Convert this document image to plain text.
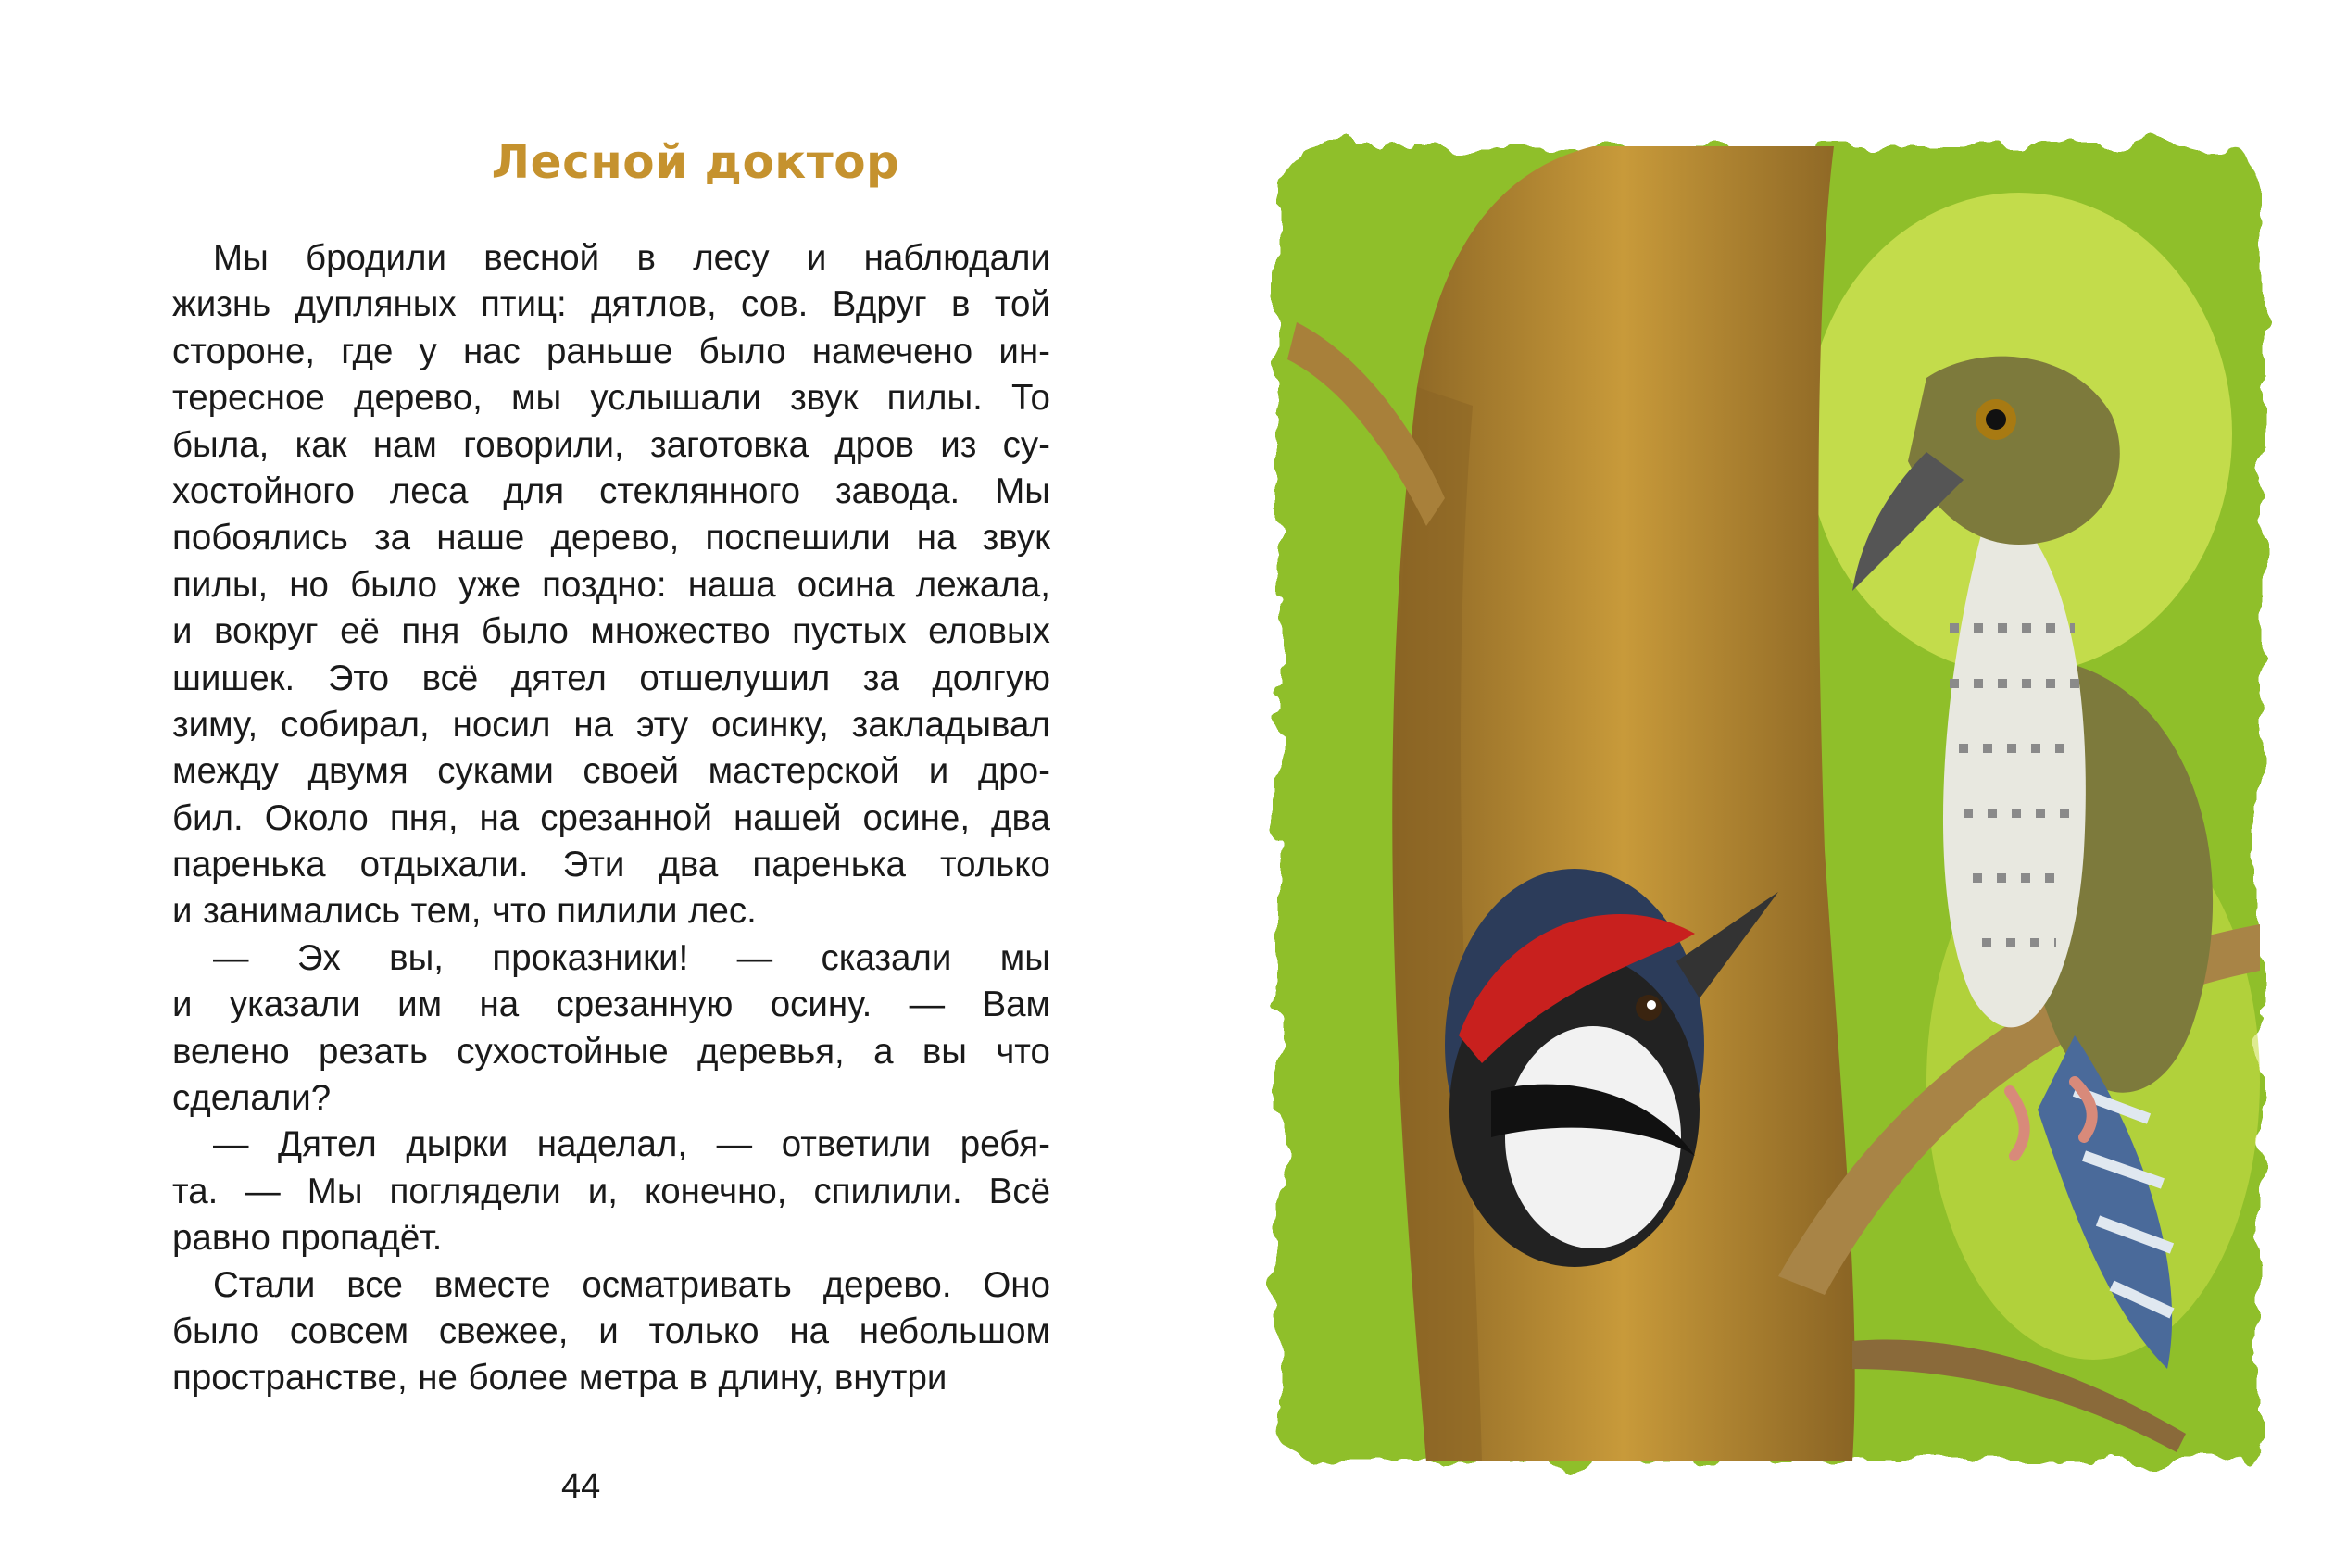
Лесной доктор
Мы бродили весной в лесу и наблюдали
жизнь дупляных птиц: дятлов, сов. Вдруг в той
стороне, где у нас раньше было намечено ин-
тересное дерево, мы услышали звук пилы. То
была, как нам говорили, заготовка дров из су-
хостойного леса для стеклянного завода. Мы
побоялись за наше дерево, поспешили на звук
пилы, но было уже поздно: наша осина лежала,
и вокруг её пня было множество пустых еловых
шишек. Это всё дятел отшелушил за долгую
зиму, собирал, носил на эту осинку, закладывал
между двумя суками своей мастерской и дро-
бил. Около пня, на срезанной нашей осине, два
паренька отдыхали. Эти два паренька только
и занимались тем, что пилили лес.
— Эх вы, проказники! — сказали мы
и указали им на срезанную осину. — Вам
велено резать сухостойные деревья, а вы что
сделали?
— Дятел дырки наделал, — ответили ребя-
та. — Мы поглядели и, конечно, спилили. Всё
равно пропадёт.
Стали все вместе осматривать дерево. Оно
было совсем свежее, и только на небольшом
пространстве, не более метра в длину, внутри

44
